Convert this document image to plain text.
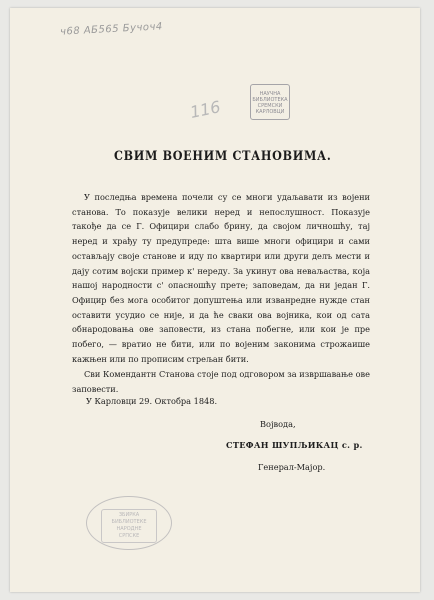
ч68 АБ565 Бучоч4
116
НАУЧНА
БИБЛИОТЕКА
СРЕМСКИ
КАРЛОВЦИ
ЗБИРКА
БИБЛИОТЕКЕ
НАРОДНЕ
СРПСКЕ
СВИМ ВОЕНИМ СТАНОВИМА.

У последња времена почели су се многи удаљавати из војени станова. То показује велики неред и непослушност. Показује такође да се Г. Официри слабо брину, да својом личношћу, тај неред и храђу ту предупреде: шта више многи официри и сами остављају своје станове и иду по квартири или други делъ мести и дају сотим војски пример к' нереду. За укинут ова неваљаства, која нашој народности с' опасношћу прете; заповедам, да ни један Г. Официр без мога особитог допуштења или изванредне нужде стан оставити усудио се није, и да ће сваки ова војника, кои од сата обнародовања ове заповести, из стана побегне, или кои је пре побего, — вратио не бити, или по војеним законима строжаише кажњен или по прописим стрељан бити.

Сви Комендантн Станова стоје под одговором за извршавање ове заповести.

У Карловци 29. Октобра 1848.
Војвода,
СТЕФАН ШУПЉИКАЦ с. р.
Генерал-Мајор.
